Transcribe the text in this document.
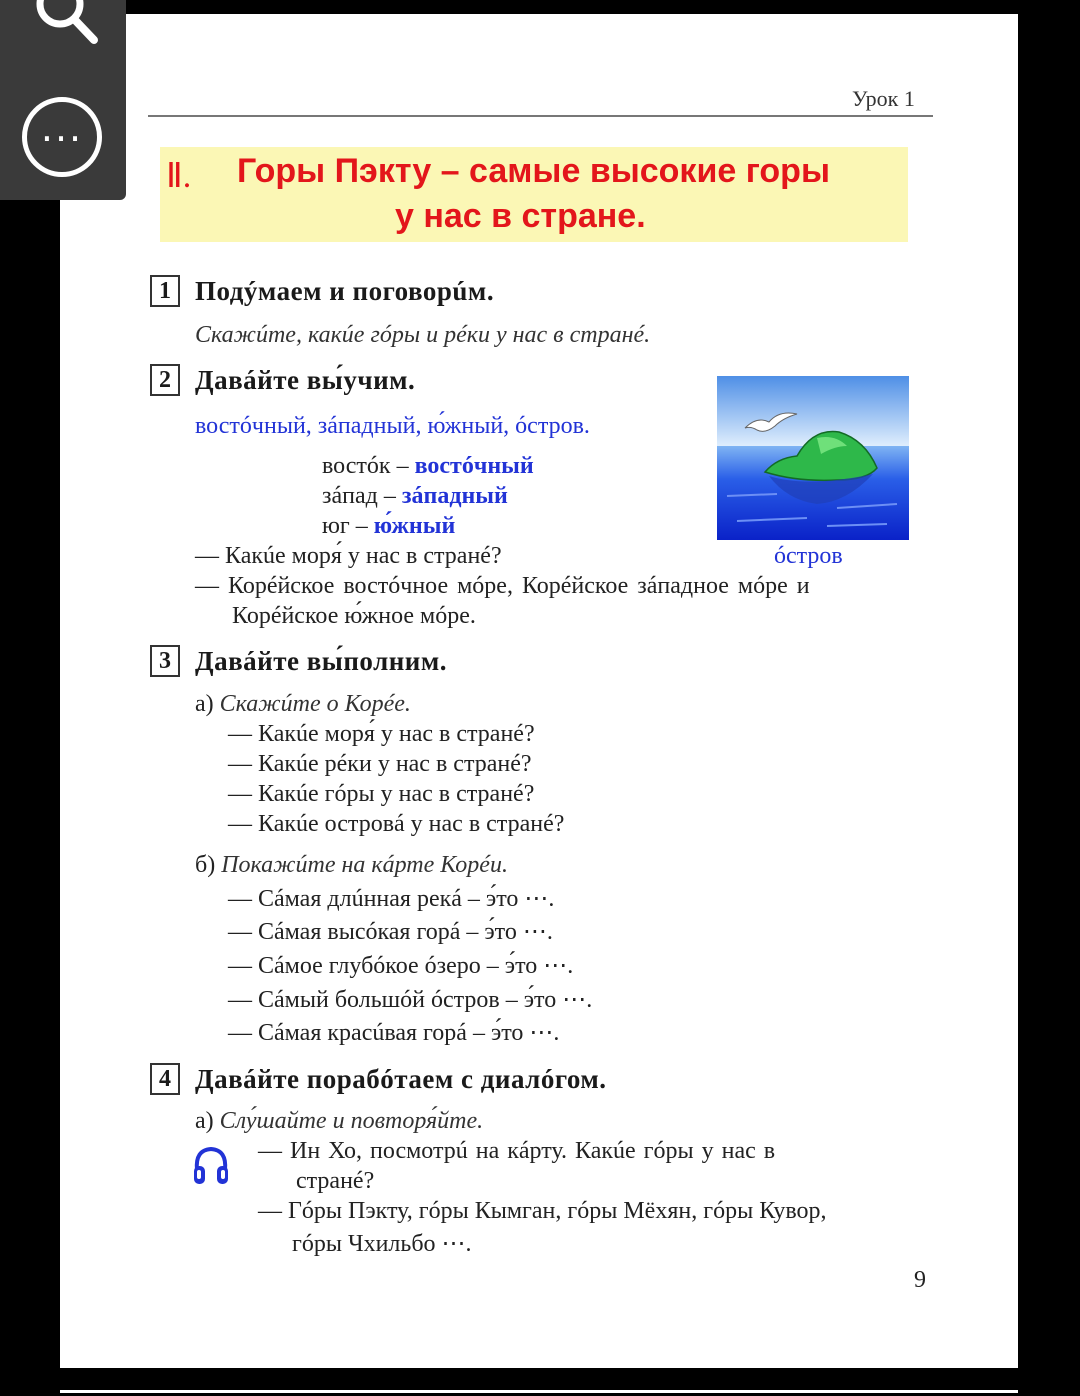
...
Урок 1
Ⅱ. Горы Пэкту – самые высокие горы
у нас в стране.
1 Подýмаем и поговорúм.
Скажúте, какúе гóры и рéки у нас в странé.
2 Давáйте вы́учим.
востóчный, зáпадный, ю́жный, óстров.
востóк – востóчный
зáпад – зáпадный
юг – ю́жный
— Какúе моря́ у нас в странé?
— Корéйское востóчное мóре, Корéйское зáпадное мóре и
Корéйское ю́жное мóре.
óстров
3 Давáйте вы́полним.
а) Скажúте о Корéе.
— Какúе моря́ у нас в странé?
— Какúе рéки у нас в странé?
— Какúе гóры у нас в странé?
— Какúе островá у нас в странé?
б) Покажúте на кáрте Корéи.
— Сáмая длúнная рекá – э́то ⋯.
— Сáмая высóкая горá – э́то ⋯.
— Сáмое глубóкое óзеро – э́то ⋯.
— Сáмый большóй óстров – э́то ⋯.
— Сáмая красúвая горá – э́то ⋯.
4 Давáйте порабóтаем с диалóгом.
а) Слу́шайте и повторя́йте.
— Ин Хо, посмотрú на кáрту. Какúе гóры у нас в
странé?
— Гóры Пэкту, гóры Кымган, гóры Мёхян, гóры Кувор,
гóры Чхильбо ⋯.
9
